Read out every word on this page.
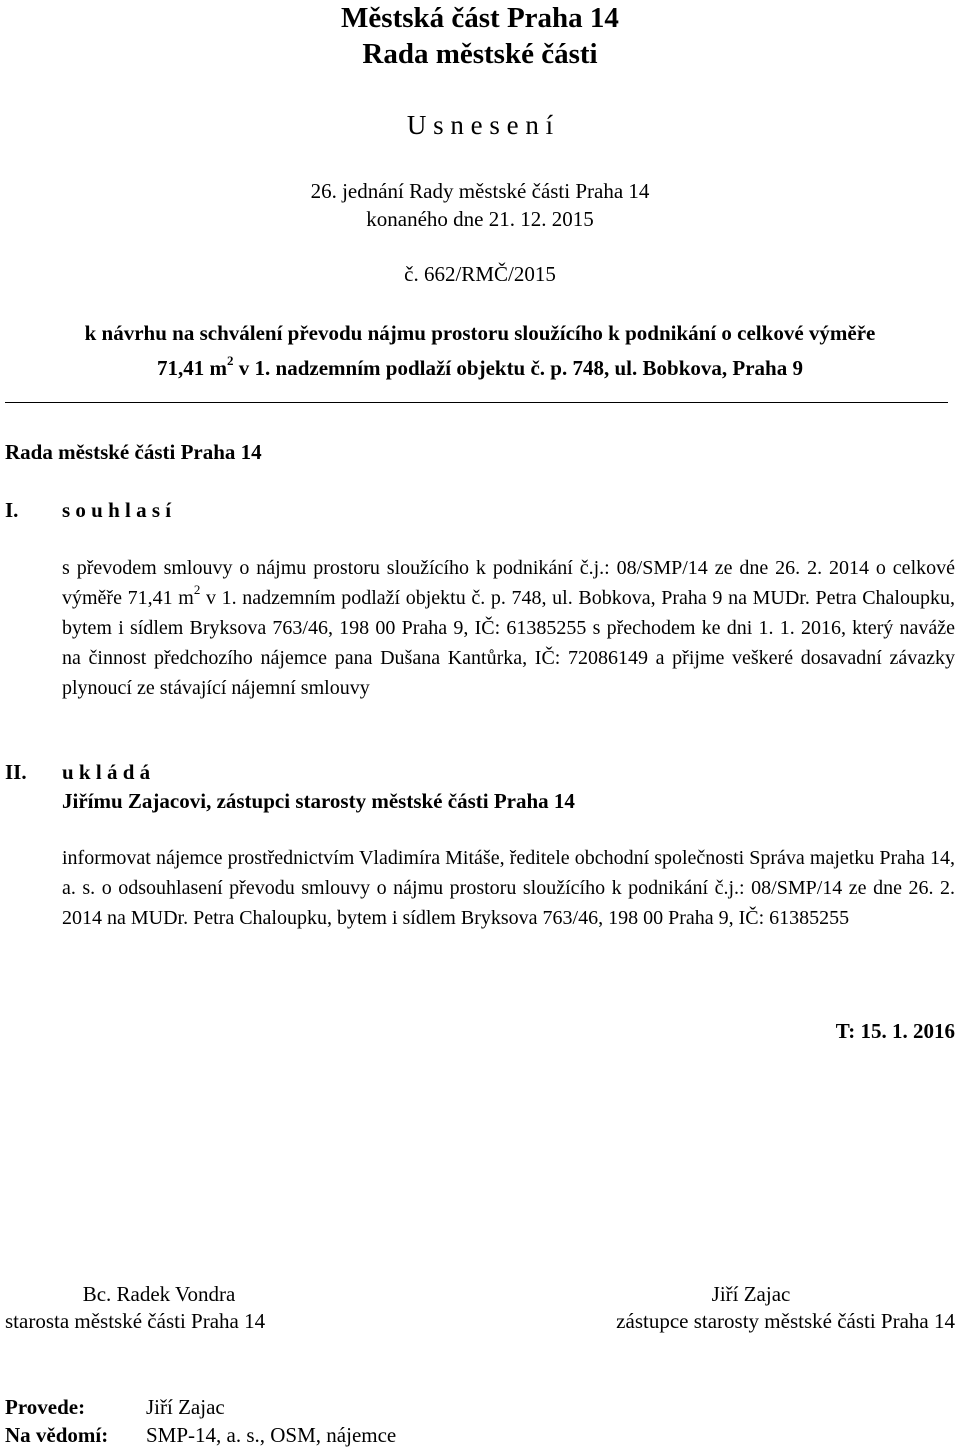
Městská část Praha 14
Rada městské části
U s n e s e n í
26. jednání Rady městské části Praha 14
konaného dne 21. 12. 2015
č. 662/RMČ/2015
k návrhu na schválení převodu nájmu prostoru sloužícího k podnikání o celkové výměře
71,41 $m^2$ v 1. nadzemním podlaží objektu č. p. 748, ul. Bobkova, Praha 9
Rada městské části Praha 14
I. s o u h l a s í

s převodem smlouvy o nájmu prostoru sloužícího k podnikání č.j.: 08/SMP/14 ze dne 26. 2. 2014 o celkové výměře 71,41 $m^2$ v 1. nadzemním podlaží objektu č. p. 748, ul. Bobkova, Praha 9 na MUDr. Petra Chaloupku, bytem i sídlem Bryksova 763/46, 198 00 Praha 9, IČ: 61385255 s přechodem ke dni 1. 1. 2016, který naváže na činnost předchozího nájemce pana Dušana Kantůrka, IČ: 72086149 a přijme veškeré dosavadní závazky plynoucí ze stávající nájemní smlouvy

II. u k l á d á
Jiřímu Zajacovi, zástupci starosty městské části Praha 14

informovat nájemce prostřednictvím Vladimíra Mitáše, ředitele obchodní společnosti Správa majetku Praha 14, a. s. o odsouhlasení převodu smlouvy o nájmu prostoru sloužícího k podnikání č.j.: 08/SMP/14 ze dne 26. 2. 2014 na MUDr. Petra Chaloupku, bytem i sídlem Bryksova 763/46, 198 00 Praha 9, IČ: 61385255

T: 15. 1. 2016
Bc. Radek Vondra
starosta městské části Praha 14
Jiří Zajac
zástupce starosty městské části Praha 14
Provede:	Jiří Zajac
Na vědomí: SMP-14, a. s., OSM, nájemce
